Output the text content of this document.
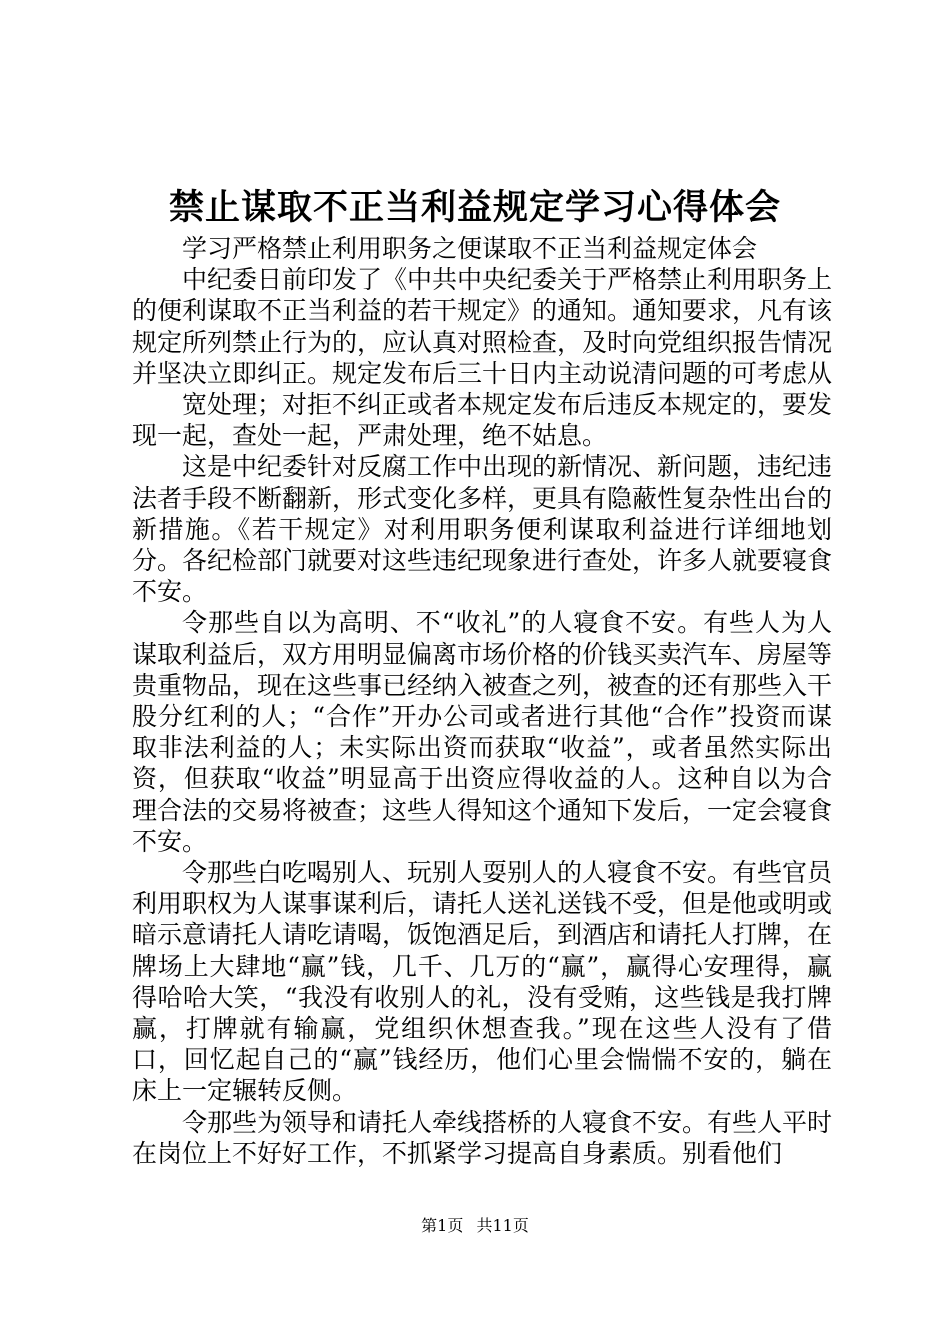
禁止谋取不正当利益规定学习心得体会

学习严格禁止利用职务之便谋取不正当利益规定体会

中纪委日前印发了《中共中央纪委关于严格禁止利用职务上的便利谋取不正当利益的若干规定》的通知。通知要求，凡有该规定所列禁止行为的，应认真对照检查，及时向党组织报告情况并坚决立即纠正。规定发布后三十日内主动说清问题的可考虑从

宽处理；对拒不纠正或者本规定发布后违反本规定的，要发现一起，查处一起，严肃处理，绝不姑息。

这是中纪委针对反腐工作中出现的新情况、新问题，违纪违法者手段不断翻新，形式变化多样，更具有隐蔽性复杂性出台的新措施。《若干规定》对利用职务便利谋取利益进行详细地划分。各纪检部门就要对这些违纪现象进行查处，许多人就要寝食不安。

令那些自以为高明、不“收礼”的人寝食不安。有些人为人谋取利益后，双方用明显偏离市场价格的价钱买卖汽车、房屋等贵重物品，现在这些事已经纳入被查之列，被查的还有那些入干股分红利的人；“合作”开办公司或者进行其他“合作”投资而谋取非法利益的人；未实际出资而获取“收益”，或者虽然实际出资，但获取“收益”明显高于出资应得收益的人。这种自以为合理合法的交易将被查；这些人得知这个通知下发后，一定会寝食不安。

令那些白吃喝别人、玩别人耍别人的人寝食不安。有些官员利用职权为人谋事谋利后，请托人送礼送钱不受，但是他或明或暗示意请托人请吃请喝，饭饱酒足后，到酒店和请托人打牌，在牌场上大肆地“赢”钱，几千、几万的“赢”，赢得心安理得，赢得哈哈大笑，“我没有收别人的礼，没有受贿，这些钱是我打牌赢，打牌就有输赢，党组织休想查我。”现在这些人没有了借口，回忆起自己的“赢”钱经历，他们心里会惴惴不安的，躺在床上一定辗转反侧。

令那些为领导和请托人牵线搭桥的人寝食不安。有些人平时在岗位上不好好工作，不抓紧学习提高自身素质。别看他们

第1页 共11页
